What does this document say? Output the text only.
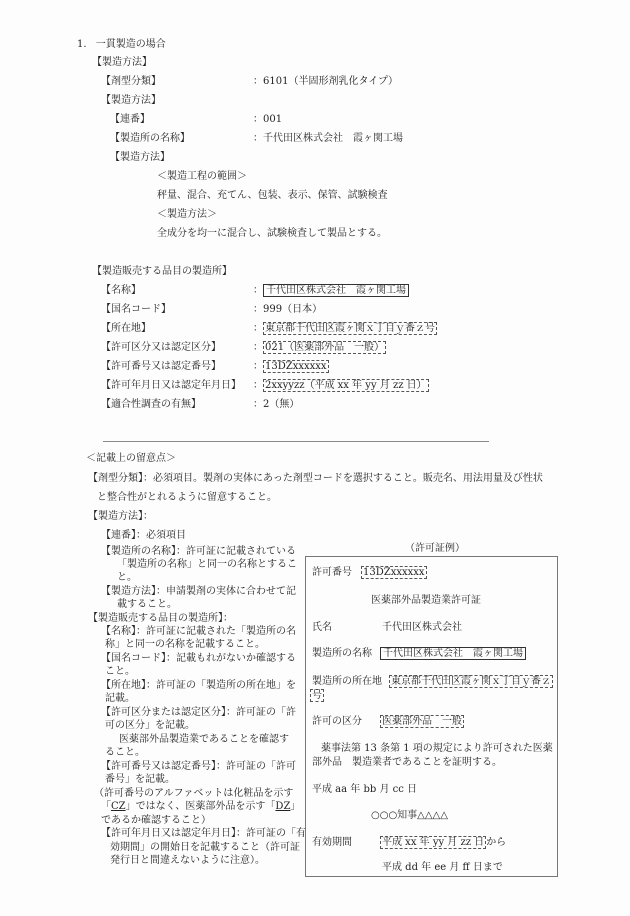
1. 一貫製造の場合
【製造方法】
【剤型分類】	：6101（半固形剤乳化タイプ）
【製造方法】
【連番】	：001
【製造所の名称】	：千代田区株式会社　霞ヶ関工場
【製造方法】
＜製造工程の範囲＞
秤量、混合、充てん、包装、表示、保管、試験検査
＜製造方法＞
全成分を均一に混合し、試験検査して製品とする。
【製造販売する品目の製造所】
【名称】	： 千代田区株式会社　霞ヶ関工場
【国名コード】	：999（日本）
【所在地】	： 東京都千代田区霞ヶ関ｘ丁目ｙ番ｚ号
【許可区分又は認定区分】	： 021（医薬部外品　一般）
【許可番号又は認定番号】	： 13DZxxxxxx
【許可年月日又は認定年月日】 ： 2xxyyzz（平成 xx 年 yy 月 zz 日）
【適合性調査の有無】	：2（無）
＜記載上の留意点＞
【剤型分類】：必須項目。製剤の実体にあった剤型コードを選択すること。販売名、用法用量及び性状
と整合性がとれるように留意すること。
【製造方法】：
【連番】：必須項目
【製造所の名称】：許可証に記載されている
「製造所の名称」と同一の名称とするこ
と。
【製造方法】：申請製剤の実体に合わせて記
載すること。
【製造販売する品目の製造所】：
【名称】：許可証に記載された「製造所の名
称」と同一の名称を記載すること。
【国名コード】：記載もれがないか確認する
こと。
【所在地】：許可証の「製造所の所在地」を
記載。
【許可区分または認定区分】：許可証の「許
可の区分」を記載。
医薬部外品製造業であることを確認す
ること。
【許可番号又は認定番号】：許可証の「許可
番号」を記載。
（許可番号のアルファベットは化粧品を示す
「CZ」ではなく、医薬部外品を示す「DZ」
であるか確認すること）
【許可年月日又は認定年月日】：許可証の「有
効期間」の開始日を記載すること（許可証
発行日と間違えないように注意）。
（許可証例）
許可番号 13DZxxxxxx
医薬部外品製造業許可証
氏名	千代田区株式会社
製造所の名称	千代田区株式会社　霞ヶ関工場
製造所の所在地 東京都千代田区霞ヶ関ｘ丁目ｙ番ｚ
号
許可の区分 医薬部外品　一般
薬事法第 13 条第 1 項の規定により許可された医薬
部外品　製造業者であることを証明する。
平成 aa 年 bb 月 cc 日
○○○知事△△△△
有効期間	平成 xx 年 yy 月 zz 日 から
平成 dd 年 ee 月 ff 日まで
